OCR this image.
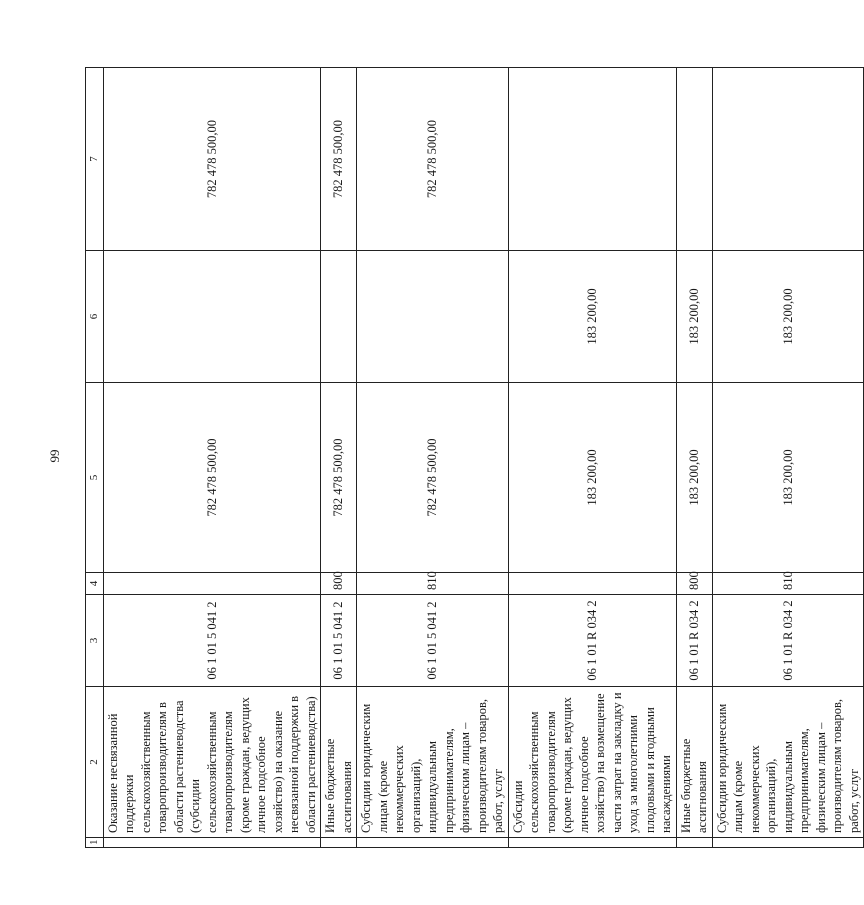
99
1	2	3	4	5	6	7
	Оказание несвязанной поддержки сельскохозяйственным товаропроизводителям в области растениеводства (субсидии сельскохозяйственным товаропроизводителям (кроме граждан, ведущих личное подсобное хозяйство) на оказание несвязанной поддержки в области растениеводства)	06 1 01 5 041 2		782 478 500,00		782 478 500,00
	Иные бюджетные ассигнования	06 1 01 5 041 2	800	782 478 500,00		782 478 500,00
	Субсидии юридическим лицам (кроме некоммерческих организаций), индивидуальным предпринимателям, физическим лицам – производителям товаров, работ, услуг	06 1 01 5 041 2	810	782 478 500,00		782 478 500,00
	Субсидии сельскохозяйственным товаропроизводителям (кроме граждан, ведущих личное подсобное хозяйство) на возмещение части затрат на закладку и уход за многолетними плодовыми и ягодными насаждениями	06 1 01 R 034 2		183 200,00	183 200,00	
	Иные бюджетные ассигнования	06 1 01 R 034 2	800	183 200,00	183 200,00	
	Субсидии юридическим лицам (кроме некоммерческих организаций), индивидуальным предпринимателям, физическим лицам – производителям товаров, работ, услуг	06 1 01 R 034 2	810	183 200,00	183 200,00	
